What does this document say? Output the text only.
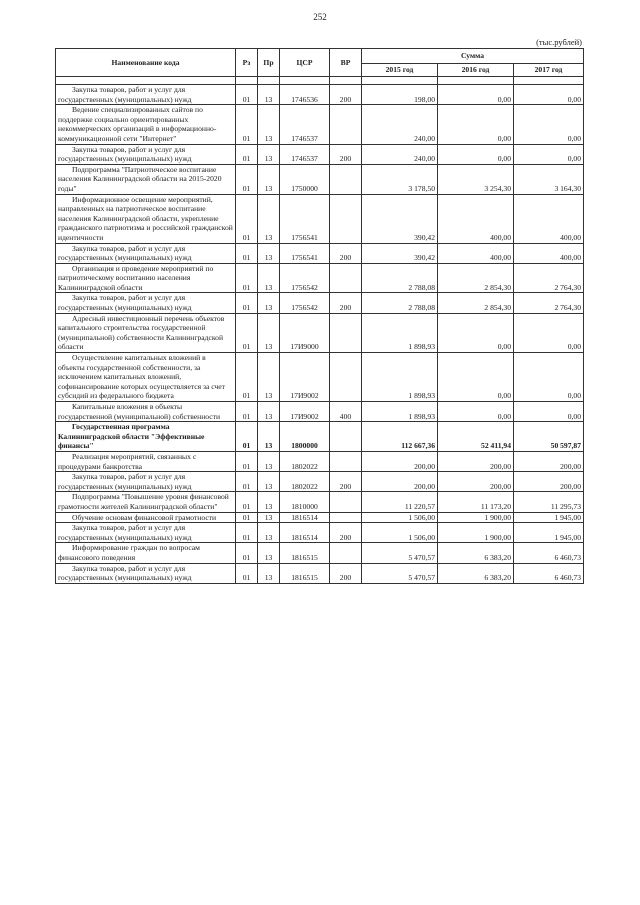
252
(тыс.рублей)
Наименование кода	Рз	Пр	ЦСР	ВР	Сумма		
					2015 год	2016 год	2017 год

Закупка товаров, работ и услуг для государственных (муниципальных) нужд	01	13	1746536	200	198,00	0,00	0,00
Ведение специализированных сайтов по поддержке социально ориентированных некоммерческих организаций в информационно-коммуникационной сети "Интернет"	01	13	1746537		240,00	0,00	0,00
Закупка товаров, работ и услуг для государственных (муниципальных) нужд	01	13	1746537	200	240,00	0,00	0,00
Подпрограмма "Патриотическое воспитание населения Калининградской области на 2015-2020 годы"	01	13	1750000		3 178,50	3 254,30	3 164,30
Информационное освещение мероприятий, направленных на патриотическое воспитание населения Калининградской области, укрепление гражданского патриотизма и российской гражданской идентичности	01	13	1756541		390,42	400,00	400,00
Закупка товаров, работ и услуг для государственных (муниципальных) нужд	01	13	1756541	200	390,42	400,00	400,00
Организация и проведение мероприятий по патриотическому воспитанию населения Калининградской области	01	13	1756542		2 788,08	2 854,30	2 764,30
Закупка товаров, работ и услуг для государственных (муниципальных) нужд	01	13	1756542	200	2 788,08	2 854,30	2 764,30
Адресный инвестиционный перечень объектов капитального строительства государственной (муниципальной) собственности Калининградской области	01	13	17И9000		1 898,93	0,00	0,00
Осуществление капитальных вложений в объекты государственной собственности, за исключением капитальных вложений, софинансирование которых осуществляется за счет субсидий из федерального бюджета	01	13	17И9002		1 898,93	0,00	0,00
Капитальные вложения в объекты государственной (муниципальной) собственности	01	13	17И9002	400	1 898,93	0,00	0,00
Государственная программа Калининградской области "Эффективные финансы"	01	13	1800000		112 667,36	52 411,94	50 597,87
Реализация мероприятий, связанных с процедурами банкротства	01	13	1802022		200,00	200,00	200,00
Закупка товаров, работ и услуг для государственных (муниципальных) нужд	01	13	1802022	200	200,00	200,00	200,00
Подпрограмма "Повышение уровня финансовой грамотности жителей Калининградской области"	01	13	1810000		11 220,57	11 173,20	11 295,73
Обучение основам финансовой грамотности	01	13	1816514		1 506,00	1 900,00	1 945,00
Закупка товаров, работ и услуг для государственных (муниципальных) нужд	01	13	1816514	200	1 506,00	1 900,00	1 945,00
Информирование граждан по вопросам финансового поведения	01	13	1816515		5 470,57	6 383,20	6 460,73
Закупка товаров, работ и услуг для государственных (муниципальных) нужд	01	13	1816515	200	5 470,57	6 383,20	6 460,73
